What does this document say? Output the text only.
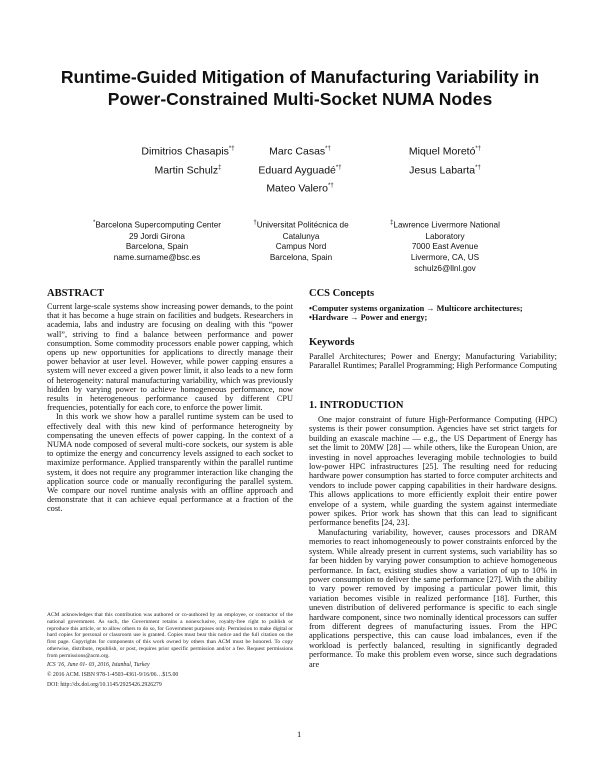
Runtime-Guided Mitigation of Manufacturing Variability in Power-Constrained Multi-Socket NUMA Nodes
Dimitrios Chasapis*†
Martin Schulz‡
Marc Casas*†
Eduard Ayguadé*†
Mateo Valero*†
Miquel Moretó*†
Jesus Labarta*†
*Barcelona Supercomputing Center
29 Jordi Girona
Barcelona, Spain
name.surname@bsc.es
†Universitat Politécnica de Catalunya
Campus Nord
Barcelona, Spain
‡Lawrence Livermore National Laboratory
7000 East Avenue
Livermore, CA, US
schulz6@llnl.gov
ABSTRACT

Current large-scale systems show increasing power demands, to the point that it has become a huge strain on facilities and budgets. Researchers in academia, labs and industry are focusing on dealing with this “power wall”, striving to find a balance between performance and power consumption. Some commodity processors enable power capping, which opens up new opportunities for applications to directly manage their power behavior at user level. However, while power capping ensures a system will never exceed a given power limit, it also leads to a new form of heterogeneity: natural manufacturing variability, which was previously hidden by varying power to achieve homogeneous performance, now results in heterogeneous performance caused by different CPU frequencies, potentially for each core, to enforce the power limit.

In this work we show how a parallel runtime system can be used to effectively deal with this new kind of performance heterogneity by compensating the uneven effects of power capping. In the context of a NUMA node composed of several multi-core sockets, our system is able to optimize the energy and concurrency levels assigned to each socket to maximize performance. Applied transparently within the parallel runtime system, it does not require any programmer interaction like changing the application source code or manually reconfiguring the parallel system. We compare our novel runtime analysis with an offline approach and demonstrate that it can achieve equal performance at a fraction of the cost.

ACM acknowledges that this contribution was authored or co-authored by an employee, or contractor of the national government. As such, the Government retains a nonexclusive, royalty-free right to publish or reproduce this article, or to allow others to do so, for Government purposes only. Permission to make digital or hard copies for personal or classroom use is granted. Copies must bear this notice and the full citation on the first page. Copyrights for components of this work owned by others than ACM must be honored. To copy otherwise, distribute, republish, or post, requires prior specific permission and/or a fee. Request permissions from permissions@acm.org.
ICS '16, June 01- 03, 2016, Istanbul, Turkey
© 2016 ACM. ISBN 978-1-4503-4361-9/16/06…$15.00
DOI: http://dx.doi.org/10.1145/2925426.2926279
CCS Concepts
•Computer systems organization → Multicore architectures; •Hardware → Power and energy;
Keywords
Parallel Architectures; Power and Energy; Manufacturing Variability; Pararallel Runtimes; Parallel Programming; High Performance Computing
1. INTRODUCTION

One major constraint of future High-Performance Computing (HPC) systems is their power consumption. Agencies have set strict targets for building an exascale machine — e.g., the US Department of Energy has set the limit to 20MW [28] — while others, like the European Union, are investing in novel approaches leveraging mobile technologies to build low-power HPC infrastructures [25]. The resulting need for reducing hardware power consumption has started to force computer architects and vendors to include power capping capabilities in their hardware designs. This allows applications to more efficiently exploit their entire power envelope of a system, while guarding the system against intermediate power spikes. Prior work has shown that this can lead to significant performance benefits [24, 23].

Manufacturing variability, however, causes processors and DRAM memories to react inhomogeneously to power constraints enforced by the system. While already present in current systems, such variability has so far been hidden by varying power consumption to achieve homogeneous performance. In fact, existing studies show a variation of up to 10% in power consumption to deliver the same performance [27]. With the ability to vary power removed by imposing a particular power limit, this variation becomes visible in realized performance [18]. Further, this uneven distribution of delivered performance is specific to each single hardware component, since two nominally identical processors can suffer from different degrees of manufacturing issues. From the HPC applications perspective, this can cause load imbalances, even if the workload is perfectly balanced, resulting in significantly degraded performance. To make this problem even worse, since such degradations are

1
